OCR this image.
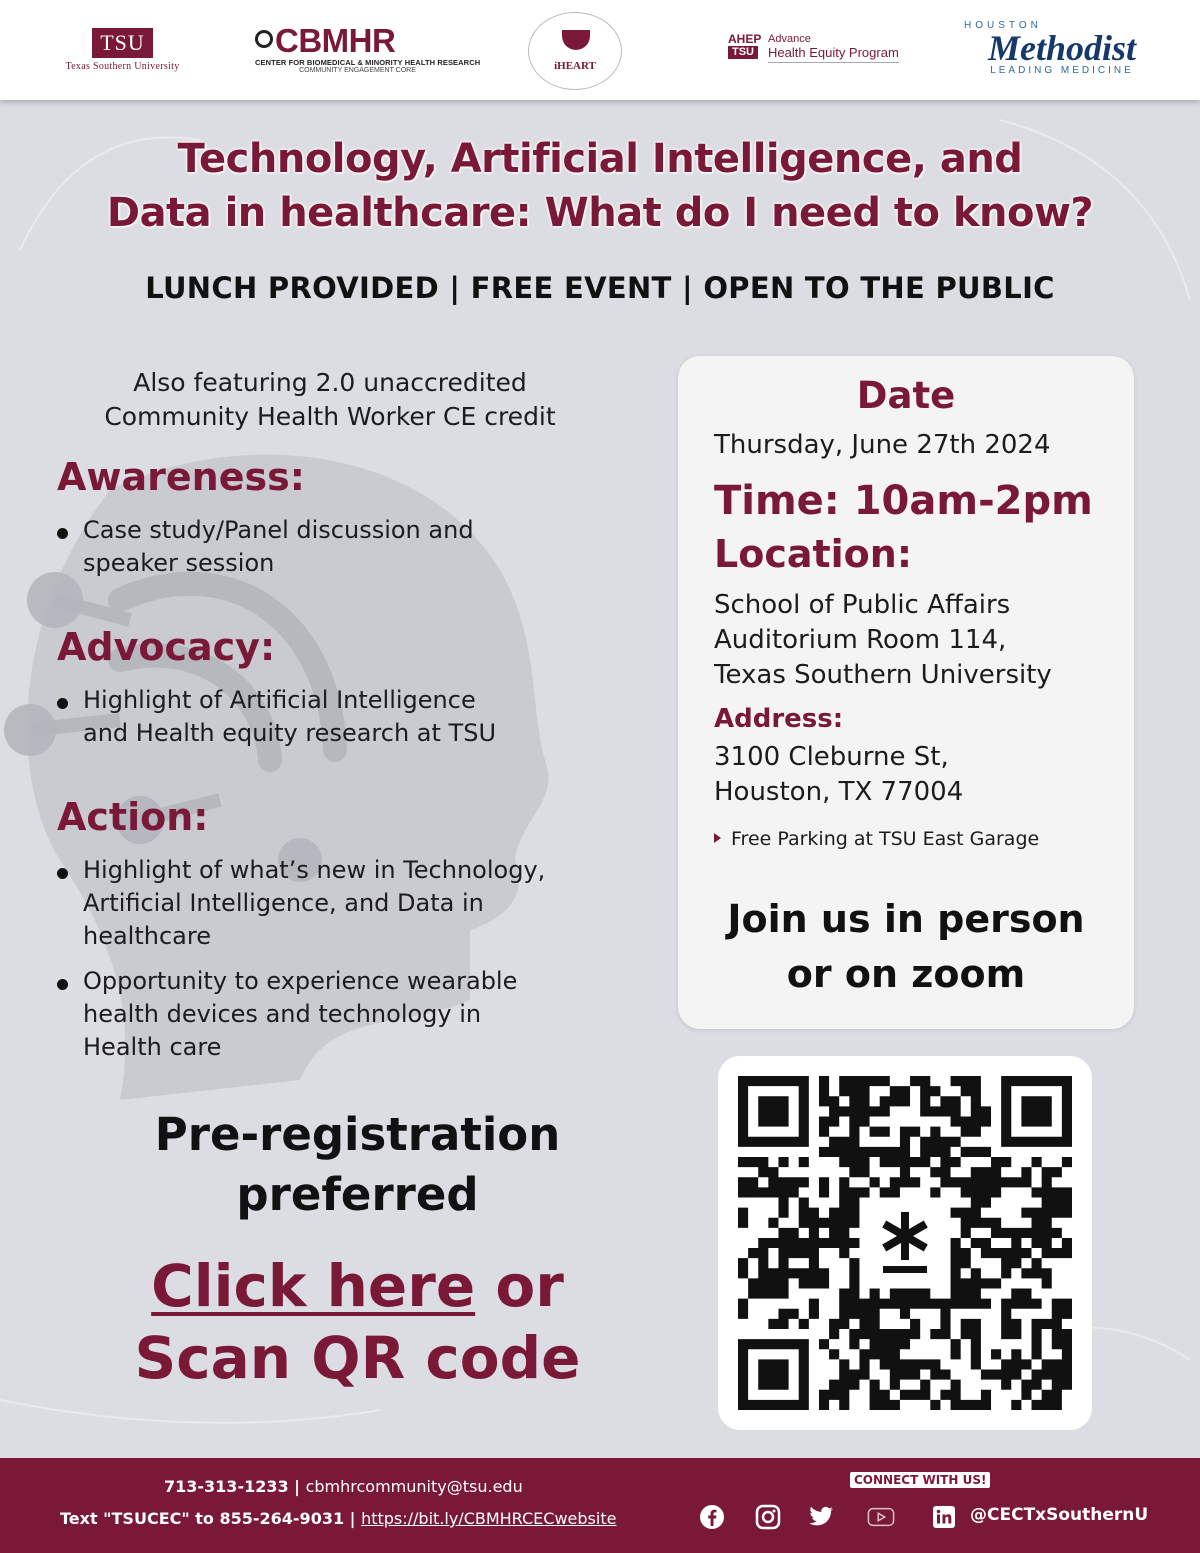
TSU
Texas Southern University
CBMHR
CENTER FOR BIOMEDICAL & MINORITY HEALTH RESEARCH
COMMUNITY ENGAGEMENT CORE	iHEART
AHEP
TSU
Advance
Health Equity Program

HOUSTON
Methodist
LEADING MEDICINE
Technology, Artificial Intelligence, and
Data in healthcare: What do I need to know?
LUNCH PROVIDED | FREE EVENT | OPEN TO THE PUBLIC
Also featuring 2.0 unaccredited
Community Health Worker CE credit
Awareness:
Case study/Panel discussion and
speaker session
Advocacy:
Highlight of Artificial Intelligence
and Health equity research at TSU
Action:
Highlight of what’s new in Technology,
Artificial Intelligence, and Data in
healthcare
Opportunity to experience wearable
health devices and technology in
Health care
Pre-registration
preferred
Click here or
Scan QR code
Date
Thursday, June 27th 2024
Time: 10am-2pm
Location:
School of Public Affairs
Auditorium Room 114,
Texas Southern University
Address:
3100 Cleburne St,
Houston, TX 77004
Free Parking at TSU East Garage
Join us in person
or on zoom
713-313-1233 | cbmhrcommunity@tsu.edu
Text "TSUCEC" to 855-264-9031 | https://bit.ly/CBMHRCECwebsite
CONNECT WITH US!
@CECTxSouthernU
